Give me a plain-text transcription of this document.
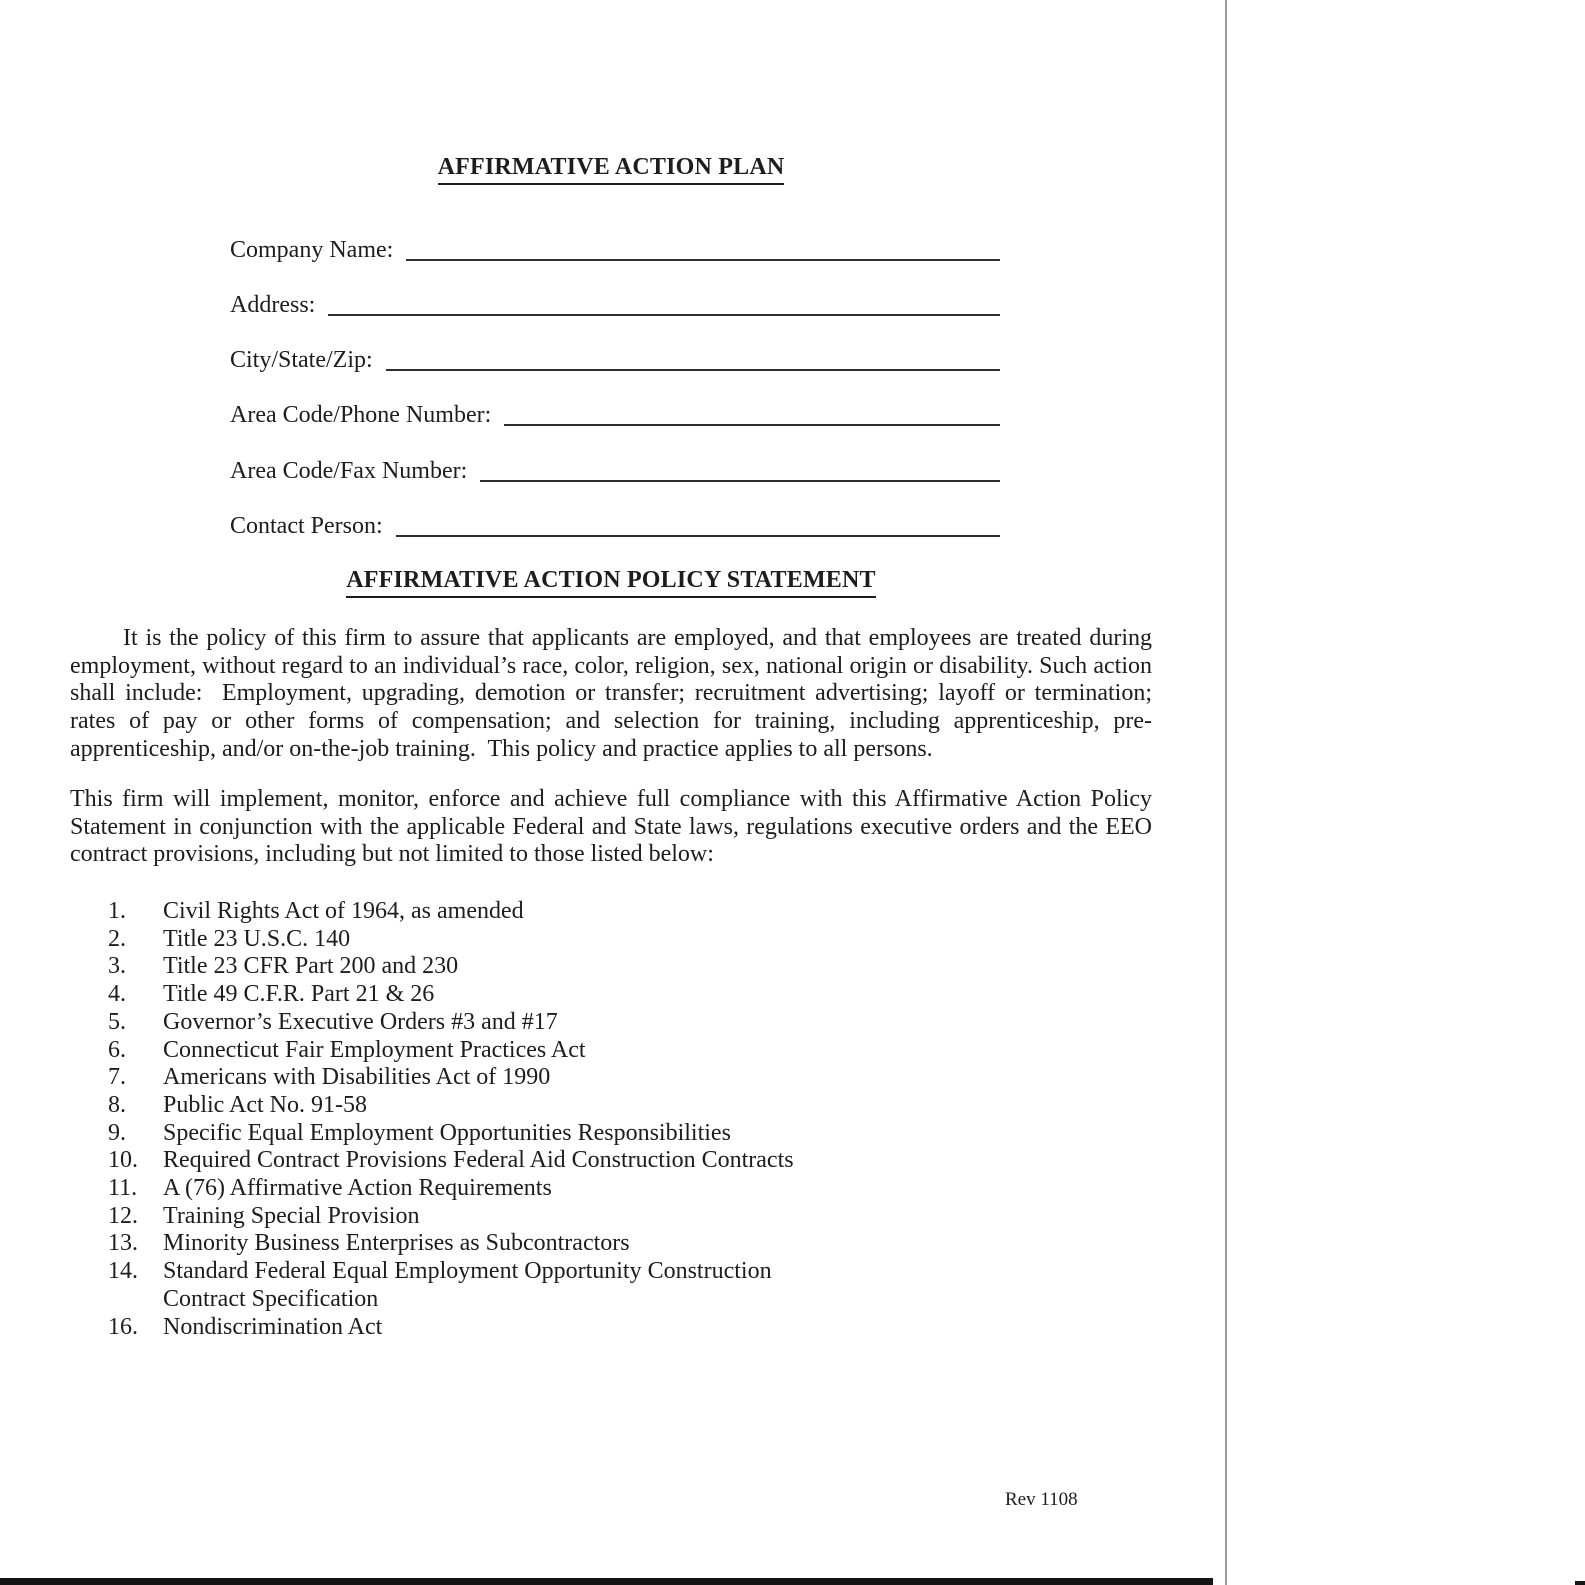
AFFIRMATIVE ACTION PLAN
Company Name:
Address:
City/State/Zip:
Area Code/Phone Number:
Area Code/Fax Number:
Contact Person:
AFFIRMATIVE ACTION POLICY STATEMENT

It is the policy of this firm to assure that applicants are employed, and that employees are treated during employment, without regard to an individual’s race, color, religion, sex, national origin or disability. Such action shall include:  Employment, upgrading, demotion or transfer; recruitment advertising; layoff or termination; rates of pay or other forms of compensation; and selection for training, including apprenticeship, pre-apprenticeship, and/or on-the-job training.  This policy and practice applies to all persons.

This firm will implement, monitor, enforce and achieve full compliance with this Affirmative Action Policy Statement in conjunction with the applicable Federal and State laws, regulations executive orders and the EEO contract provisions, including but not limited to those listed below:

1.	Civil Rights Act of 1964, as amended
2.	Title 23 U.S.C. 140
3.	Title 23 CFR Part 200 and 230
4.	Title 49 C.F.R. Part 21 & 26
5.	Governor’s Executive Orders #3 and #17
6.	Connecticut Fair Employment Practices Act
7.	Americans with Disabilities Act of 1990
8.	Public Act No. 91-58
9.	Specific Equal Employment Opportunities Responsibilities
10.	Required Contract Provisions Federal Aid Construction Contracts
11.	A (76) Affirmative Action Requirements
12.	Training Special Provision
13.	Minority Business Enterprises as Subcontractors
14.	Standard Federal Equal Employment Opportunity Construction Contract Specification
16.	Nondiscrimination Act
Rev 1108
